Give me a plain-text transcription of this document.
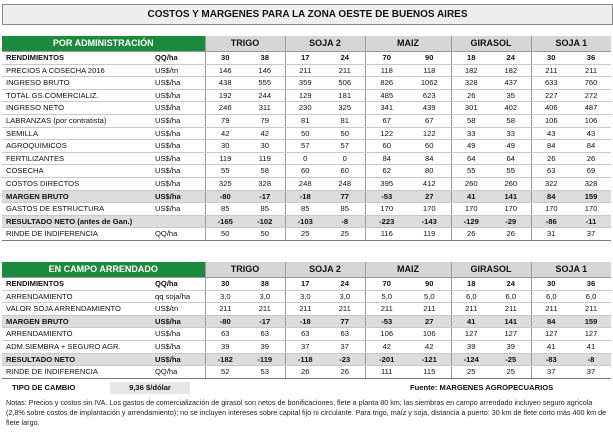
COSTOS Y MARGENES PARA LA ZONA OESTE DE BUENOS AIRES
POR ADMINISTRACIÓN		TRIGO		SOJA 2		MAIZ		GIRASOL		SOJA 1	
RENDIMIENTOS	QQ/ha	30	38	17	24	70	90	18	24	30	36
PRECIOS A COSECHA 2016	US$/tn	146	146	211	211	118	118	182	182	211	211
INGRESO BRUTO	US$/ha	438	555	359	506	826	1062	328	437	633	760
TOTAL GS.COMERCIALIZ.	US$/ha	192	244	129	181	485	623	26	35	227	272
INGRESO NETO	US$/ha	246	311	230	325	341	439	301	402	406	487
LABRANZAS (por contratista)	US$/ha	79	79	81	81	67	67	58	58	106	106
SEMILLA	US$/ha	42	42	50	50	122	122	33	33	43	43
AGROQUIMICOS	US$/ha	30	30	57	57	60	60	49	49	84	84
FERTILIZANTES	US$/ha	119	119	0	0	84	84	64	64	26	26
COSECHA	US$/ha	55	58	60	60	62	80	55	55	63	69
COSTOS DIRECTOS	US$/ha	325	328	248	248	395	412	260	260	322	328
MARGEN BRUTO	US$/ha	-80	-17	-18	77	-53	27	41	141	84	159
GASTOS DE ESTRUCTURA	US$/ha	85	85	85	85	170	170	170	170	170	170
RESULTADO NETO (antes de Gan.)		-165	-102	-103	-8	-223	-143	-129	-29	-86	-11
RINDE DE INDIFERENCIA	QQ/ha	50	50	25	25	116	119	26	26	31	37
EN CAMPO ARRENDADO		TRIGO		SOJA 2		MAIZ		GIRASOL		SOJA 1	
RENDIMIENTOS	QQ/ha	30	38	17	24	70	90	18	24	30	36
ARRENDAMIENTO	qq soja/ha	3,0	3,0	3,0	3,0	5,0	5,0	6,0	6,0	6,0	6,0
VALOR SOJA ARRENDAMIENTO	US$/tn	211	211	211	211	211	211	211	211	211	211
MARGEN BRUTO	US$/ha	-80	-17	-18	77	-53	27	41	141	84	159
ARRENDAMIENTO	US$/ha	63	63	63	63	106	106	127	127	127	127
ADM.SIEMBRA + SEGURO AGR.	US$/ha	39	39	37	37	42	42	39	39	41	41
RESULTADO NETO	US$/ha	-182	-119	-118	-23	-201	-121	-124	-25	-83	-8
RINDE DE INDIFERENCIA	QQ/ha	52	53	26	26	111	115	25	25	37	37
TIPO DE CAMBIO	9,36 $/dólar	Fuente: MARGENES AGROPECUARIOS
Notas: Precios y costos sin IVA. Los gastos de comercialización de girasol son netos de bonificaciones, flete a planta 80 km; las siembras en campo arrendado incluyen seguro agrícola (2,8% sobre costos de implantación y arrendamiento); no se incluyen intereses sobre capital fijo ni circulante. Para trigo, maíz y soja, distancia a puerto: 30 km de flete corto más 400 km de flete largo.
